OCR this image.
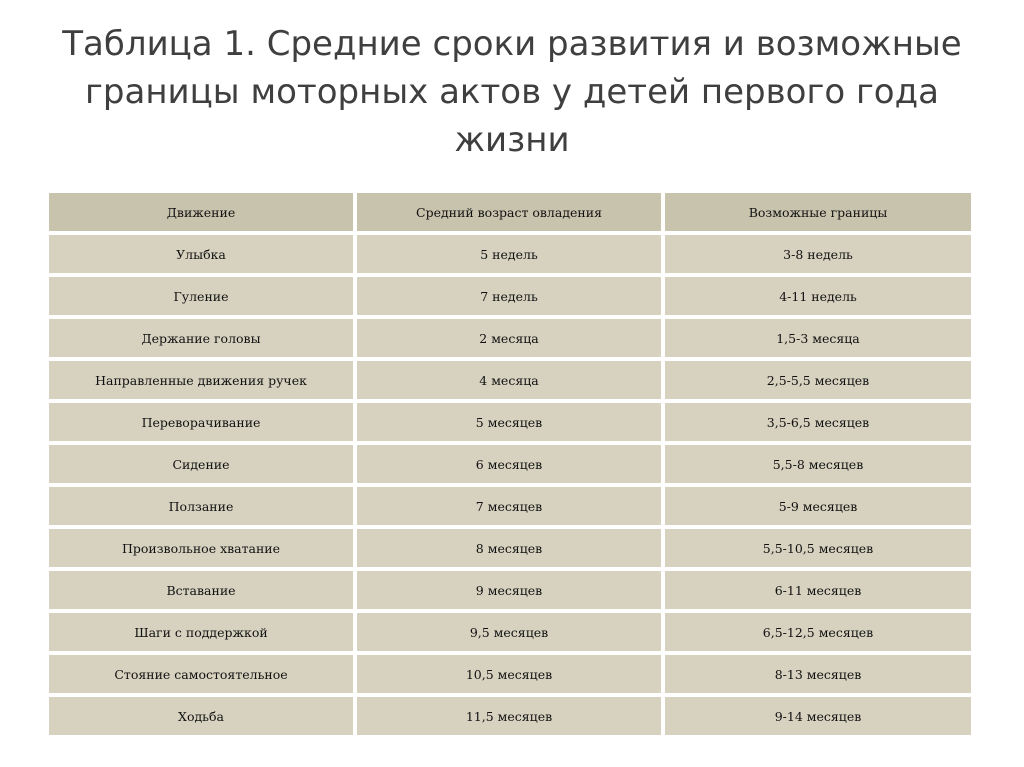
Таблица 1. Средние сроки развития и возможные
границы моторных актов у детей первого года
жизни
Движение	Средний возраст овладения	Возможные границы
Улыбка	5 недель	3-8 недель
Гуление	7 недель	4-11 недель
Держание головы	2 месяца	1,5-3 месяца
Направленные движения ручек	4 месяца	2,5-5,5 месяцев
Переворачивание	5 месяцев	3,5-6,5 месяцев
Сидение	6 месяцев	5,5-8 месяцев
Ползание	7 месяцев	5-9 месяцев
Произвольное хватание	8 месяцев	5,5-10,5 месяцев
Вставание	9 месяцев	6-11 месяцев
Шаги с поддержкой	9,5 месяцев	6,5-12,5 месяцев
Стояние самостоятельное	10,5 месяцев	8-13 месяцев
Ходьба	11,5 месяцев	9-14 месяцев
